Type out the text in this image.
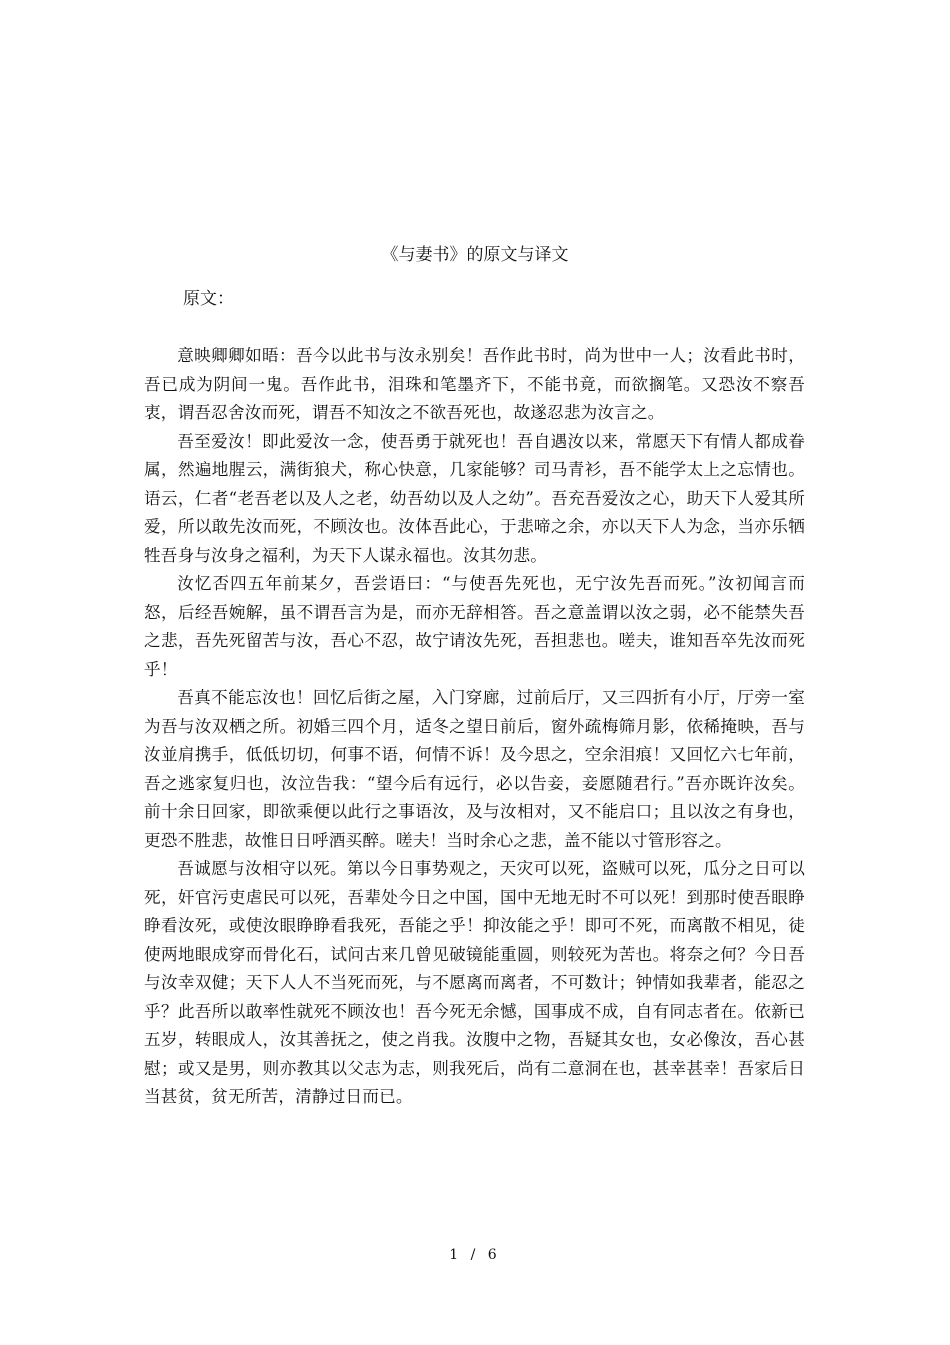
《与妻书》的原文与译文
原文：

意映卿卿如晤：吾今以此书与汝永别矣！吾作此书时，尚为世中一人；汝看此书时，吾已成为阴间一鬼。吾作此书，泪珠和笔墨齐下，不能书竟，而欲搁笔。又恐汝不察吾衷，谓吾忍舍汝而死，谓吾不知汝之不欲吾死也，故遂忍悲为汝言之。

吾至爱汝！即此爱汝一念，使吾勇于就死也！吾自遇汝以来，常愿天下有情人都成眷属，然遍地腥云，满街狼犬，称心快意，几家能够？司马青衫，吾不能学太上之忘情也。语云，仁者“老吾老以及人之老，幼吾幼以及人之幼”。吾充吾爱汝之心，助天下人爱其所爱，所以敢先汝而死，不顾汝也。汝体吾此心，于悲啼之余，亦以天下人为念，当亦乐牺牲吾身与汝身之福利，为天下人谋永福也。汝其勿悲。

汝忆否四五年前某夕，吾尝语曰：“与使吾先死也，无宁汝先吾而死。”汝初闻言而怒，后经吾婉解，虽不谓吾言为是，而亦无辞相答。吾之意盖谓以汝之弱，必不能禁失吾之悲，吾先死留苦与汝，吾心不忍，故宁请汝先死，吾担悲也。嗟夫，谁知吾卒先汝而死乎！

吾真不能忘汝也！回忆后街之屋，入门穿廊，过前后厅，又三四折有小厅，厅旁一室为吾与汝双栖之所。初婚三四个月，适冬之望日前后，窗外疏梅筛月影，依稀掩映，吾与汝並肩携手，低低切切，何事不语，何情不诉！及今思之，空余泪痕！又回忆六七年前，吾之逃家复归也，汝泣告我：“望今后有远行，必以告妾，妾愿随君行。”吾亦既许汝矣。前十余日回家，即欲乘便以此行之事语汝，及与汝相对，又不能启口；且以汝之有身也，更恐不胜悲，故惟日日呼酒买醉。嗟夫！当时余心之悲，盖不能以寸管形容之。

吾诚愿与汝相守以死。第以今日事势观之，天灾可以死，盗贼可以死，瓜分之日可以死，奸官污吏虐民可以死，吾辈处今日之中国，国中无地无时不可以死！到那时使吾眼睁睁看汝死，或使汝眼睁睁看我死，吾能之乎！抑汝能之乎！即可不死，而离散不相见，徒使两地眼成穿而骨化石，试问古来几曾见破镜能重圆，则较死为苦也。将奈之何？今日吾与汝幸双健；天下人人不当死而死，与不愿离而离者，不可数计；钟情如我辈者，能忍之乎？此吾所以敢率性就死不顾汝也！吾今死无余憾，国事成不成，自有同志者在。依新已五岁，转眼成人，汝其善抚之，使之肖我。汝腹中之物，吾疑其女也，女必像汝，吾心甚慰；或又是男，则亦教其以父志为志，则我死后，尚有二意洞在也，甚幸甚幸！吾家后日当甚贫，贫无所苦，清静过日而已。

1 / 6
